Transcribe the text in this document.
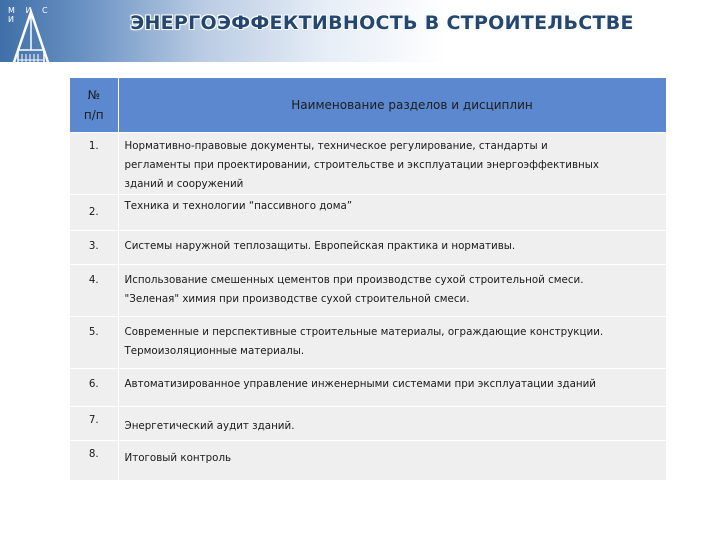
М И С И
МГСУ
ЭНЕРГОЭФФЕКТИВНОСТЬ В СТРОИТЕЛЬСТВЕ
№
п/п	Наименование разделов и дисциплин
1.	Нормативно-правовые документы, техническое регулирование, стандарты и
регламенты при проектировании, строительстве и эксплуатации энергоэффективных
зданий и сооружений

2.	Техника и технологии “пассивного дома”

3.	Системы наружной теплозащиты. Европейская практика и нормативы.

4.	Использование смешенных цементов при производстве сухой строительной смеси.
"Зеленая" химия при производстве сухой строительной смеси.

5.	Современные и перспективные строительные материалы, ограждающие конструкции.
Термоизоляционные материалы.

6.	Автоматизированное управление инженерными системами при эксплуатации зданий

7.	Энергетический аудит зданий.

8.	Итоговый контроль
